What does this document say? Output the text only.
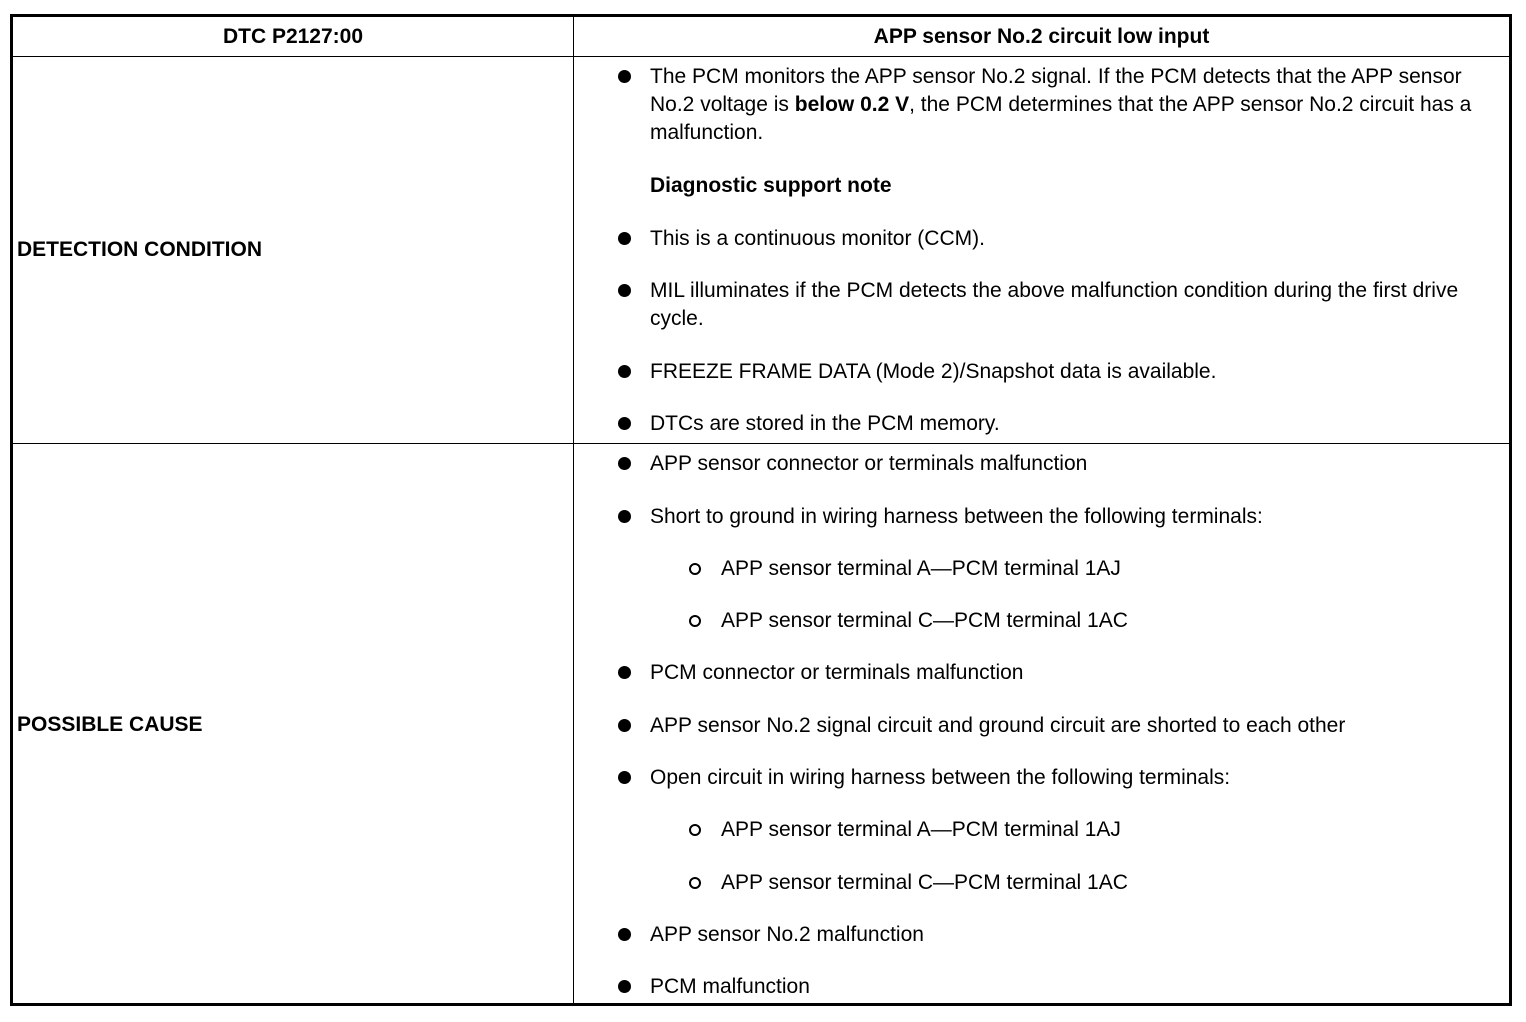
DTC P2127:00	APP sensor No.2 circuit low input
DETECTION CONDITION
The PCM monitors the APP sensor No.2 signal. If the PCM detects that the APP sensor No.2 voltage is below 0.2 V, the PCM determines that the APP sensor No.2 circuit has a malfunction.
Diagnostic support note
This is a continuous monitor (CCM).
MIL illuminates if the PCM detects the above malfunction condition during the first drive cycle.
FREEZE FRAME DATA (Mode 2)/Snapshot data is available.
DTCs are stored in the PCM memory.
POSSIBLE CAUSE
APP sensor connector or terminals malfunction
Short to ground in wiring harness between the following terminals:
APP sensor terminal A—PCM terminal 1AJ
APP sensor terminal C—PCM terminal 1AC
PCM connector or terminals malfunction
APP sensor No.2 signal circuit and ground circuit are shorted to each other
Open circuit in wiring harness between the following terminals:
APP sensor terminal A—PCM terminal 1AJ
APP sensor terminal C—PCM terminal 1AC
APP sensor No.2 malfunction
PCM malfunction
